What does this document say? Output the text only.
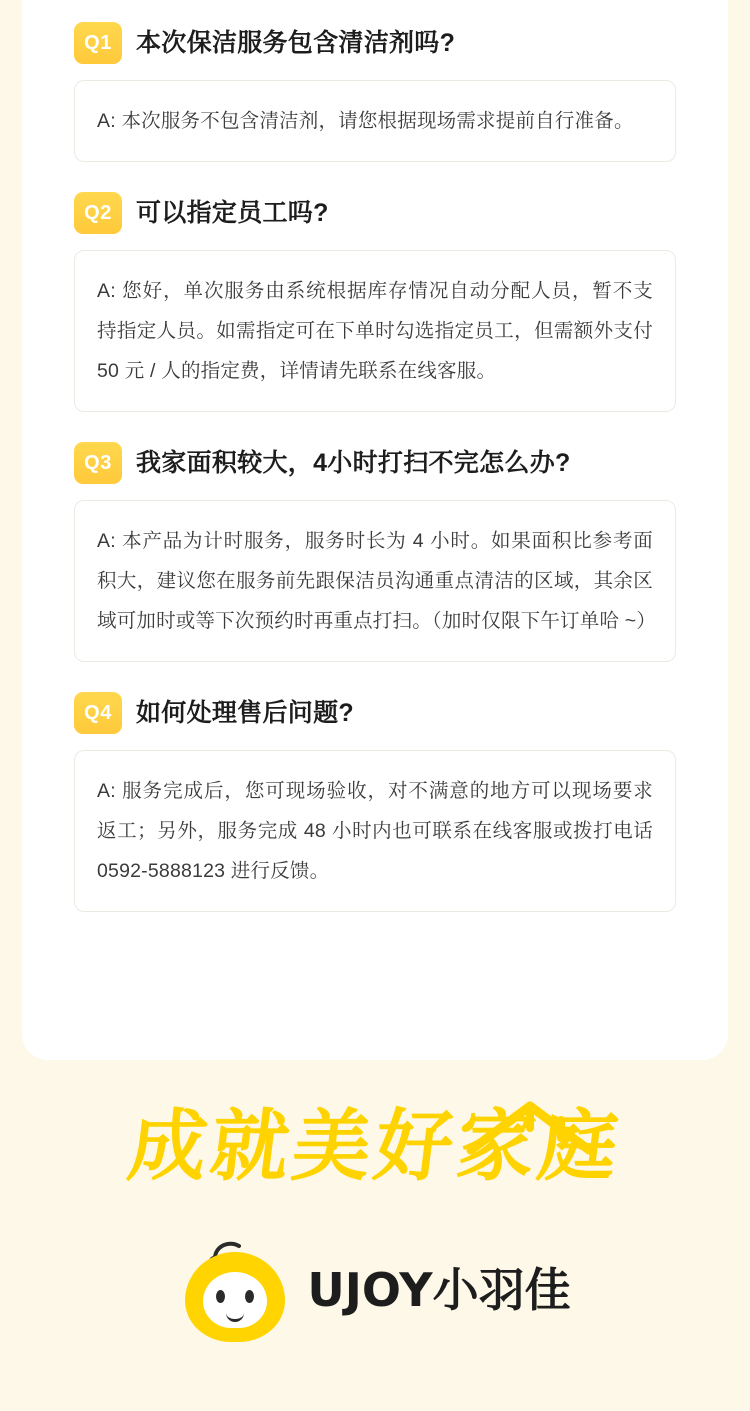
Q1 本次保洁服务包含清洁剂吗?
A: 本次服务不包含清洁剂，请您根据现场需求提前自行准备。
Q2 可以指定员工吗?
A: 您好，单次服务由系统根据库存情况自动分配人员，暂不支持指定人员。如需指定可在下单时勾选指定员工，但需额外支付 50 元 / 人的指定费，详情请先联系在线客服。
Q3 我家面积较大，4小时打扫不完怎么办?
A: 本产品为计时服务，服务时长为 4 小时。如果面积比参考面积大，建议您在服务前先跟保洁员沟通重点清洁的区域，其余区域可加时或等下次预约时再重点打扫。（加时仅限下午订单哈 ~）
Q4 如何处理售后问题?
A: 服务完成后，您可现场验收，对不满意的地方可以现场要求返工；另外，服务完成 48 小时内也可联系在线客服或拨打电话 0592-5888123 进行反馈。
成就美好家庭
UJOY小羽佳
